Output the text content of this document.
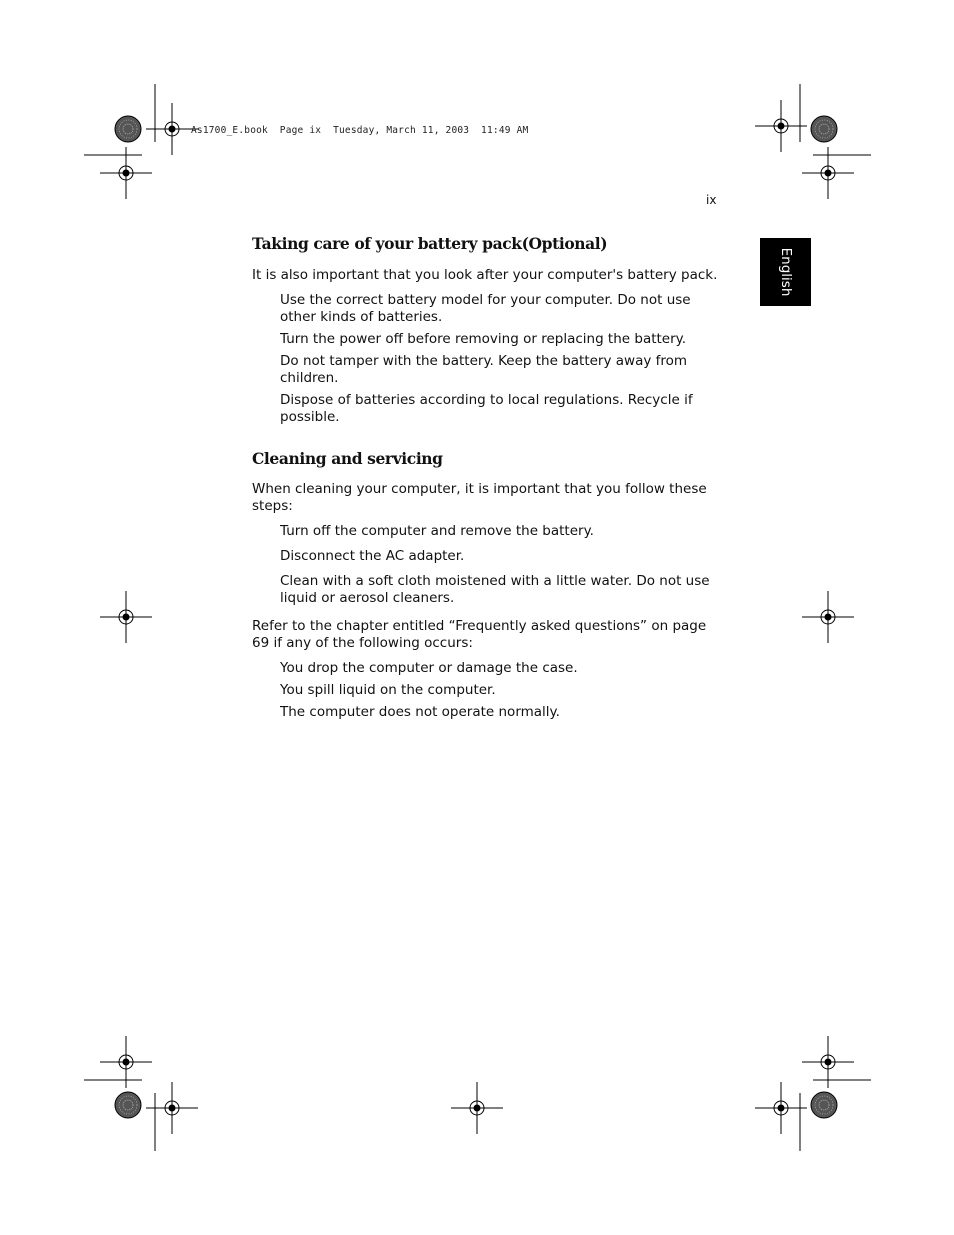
As1700_E.book  Page ix  Tuesday, March 11, 2003  11:49 AM
ix
English
Taking care of your battery pack(Optional)

It is also important that you look after your computer's battery pack.

Use the correct battery model for your computer. Do not use other kinds of batteries.

Turn the power off before removing or replacing the battery.

Do not tamper with the battery. Keep the battery away from children.

Dispose of batteries according to local regulations. Recycle if possible.

Cleaning and servicing

When cleaning your computer, it is important that you follow these steps:

Turn off the computer and remove the battery.

Disconnect the AC adapter.

Clean with a soft cloth moistened with a little water. Do not use liquid or aerosol cleaners.

Refer to the chapter entitled “Frequently asked questions” on page 69 if any of the following occurs:

You drop the computer or damage the case.

You spill liquid on the computer.

The computer does not operate normally.
